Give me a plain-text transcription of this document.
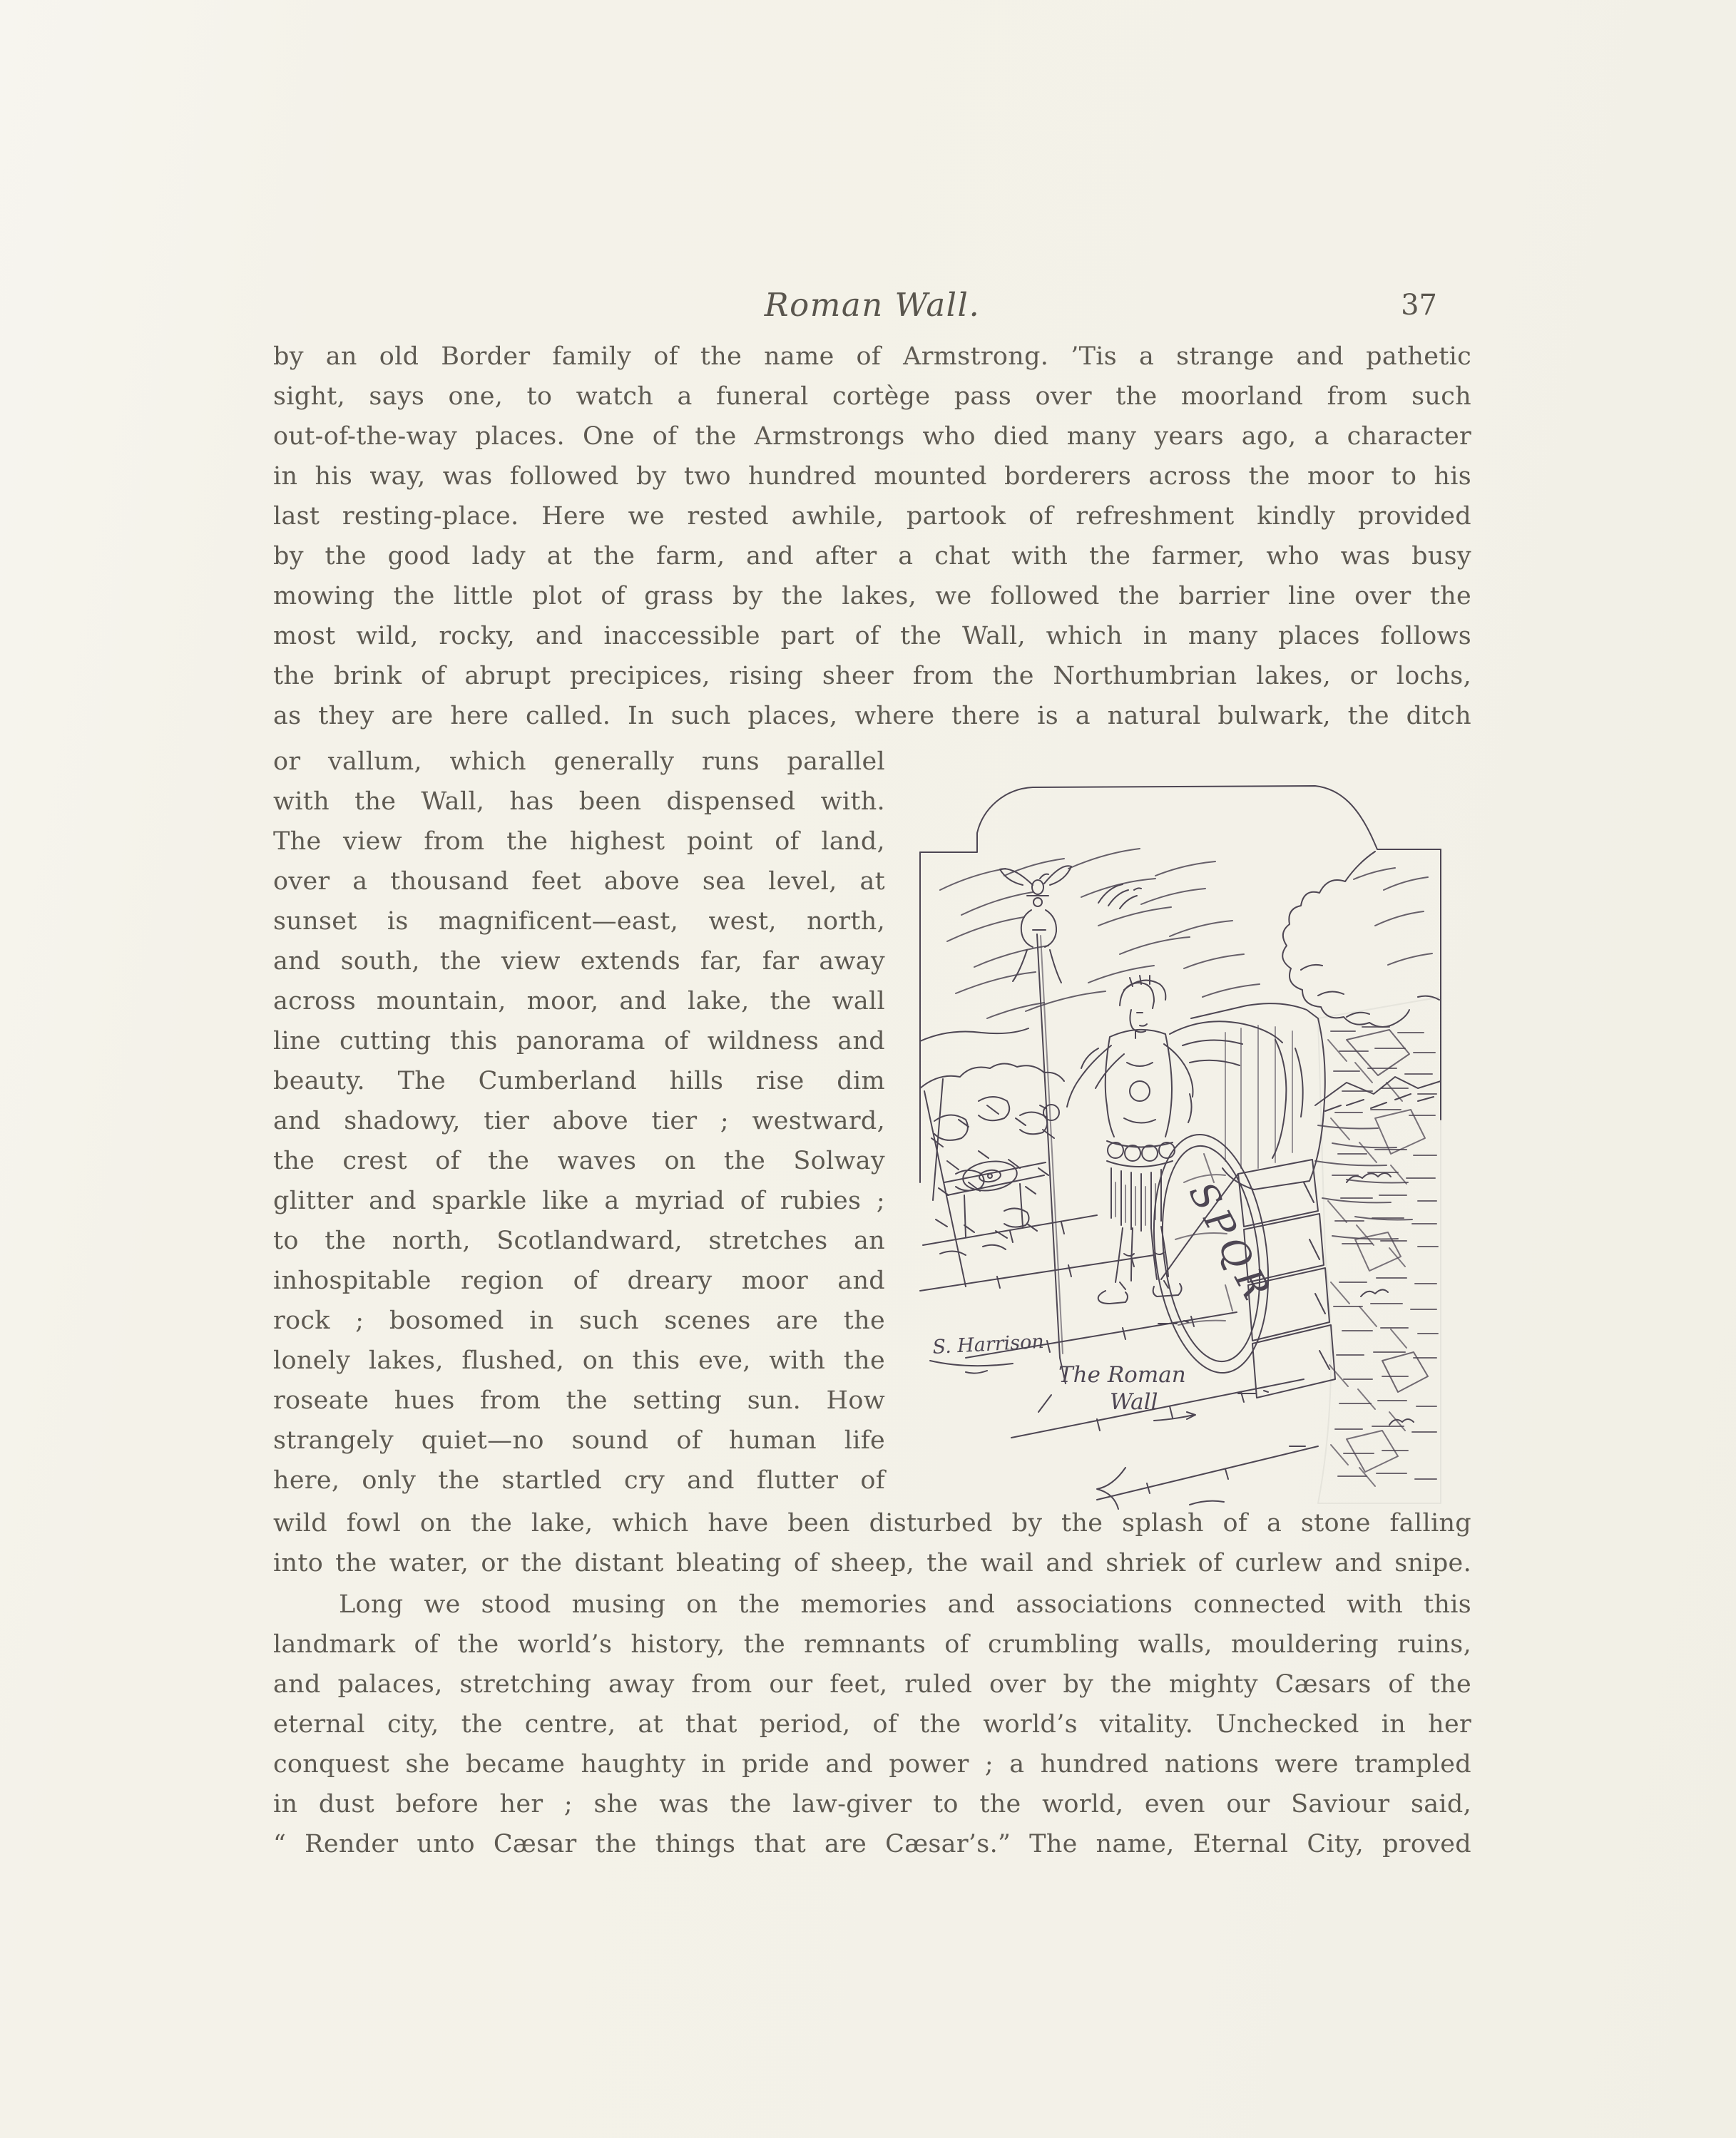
Roman Wall.	37
by an old Border family of the name of Armstrong. ’Tis a strange and pathetic
sight, says one, to watch a funeral cortège pass over the moorland from such
out-of-the-way places. One of the Armstrongs who died many years ago, a character
in his way, was followed by two hundred mounted borderers across the moor to his
last resting-place. Here we rested awhile, partook of refreshment kindly provided
by the good lady at the farm, and after a chat with the farmer, who was busy
mowing the little plot of grass by the lakes, we followed the barrier line over the
most wild, rocky, and inaccessible part of the Wall, which in many places follows
the brink of abrupt precipices, rising sheer from the Northumbrian lakes, or lochs,
as they are here called. In such places, where there is a natural bulwark, the ditch
or vallum, which generally runs parallel
with the Wall, has been dispensed with.
The view from the highest point of land,
over a thousand feet above sea level, at
sunset is magnificent—east, west, north,
and south, the view extends far, far away
across mountain, moor, and lake, the wall
line cutting this panorama of wildness and
beauty. The Cumberland hills rise dim
and shadowy, tier above tier ; westward,
the crest of the waves on the Solway
glitter and sparkle like a myriad of rubies ;
to the north, Scotlandward, stretches an
inhospitable region of dreary moor and
rock ; bosomed in such scenes are the
lonely lakes, flushed, on this eve, with the
roseate hues from the setting sun. How
strangely quiet—no sound of human life
here, only the startled cry and flutter of
wild fowl on the lake, which have been disturbed by the splash of a stone falling
into the water, or the distant bleating of sheep, the wail and shriek of curlew and snipe.
Long we stood musing on the memories and associations connected with this
landmark of the world’s history, the remnants of crumbling walls, mouldering ruins,
and palaces, stretching away from our feet, ruled over by the mighty Cæsars of the
eternal city, the centre, at that period, of the world’s vitality. Unchecked in her
conquest she became haughty in pride and power ; a hundred nations were trampled
in dust before her ; she was the law-giver to the world, even our Saviour said,
“ Render unto Cæsar the things that are Cæsar’s.” The name, Eternal City, proved
SPQR
S. Harrison
The Roman
Wall
